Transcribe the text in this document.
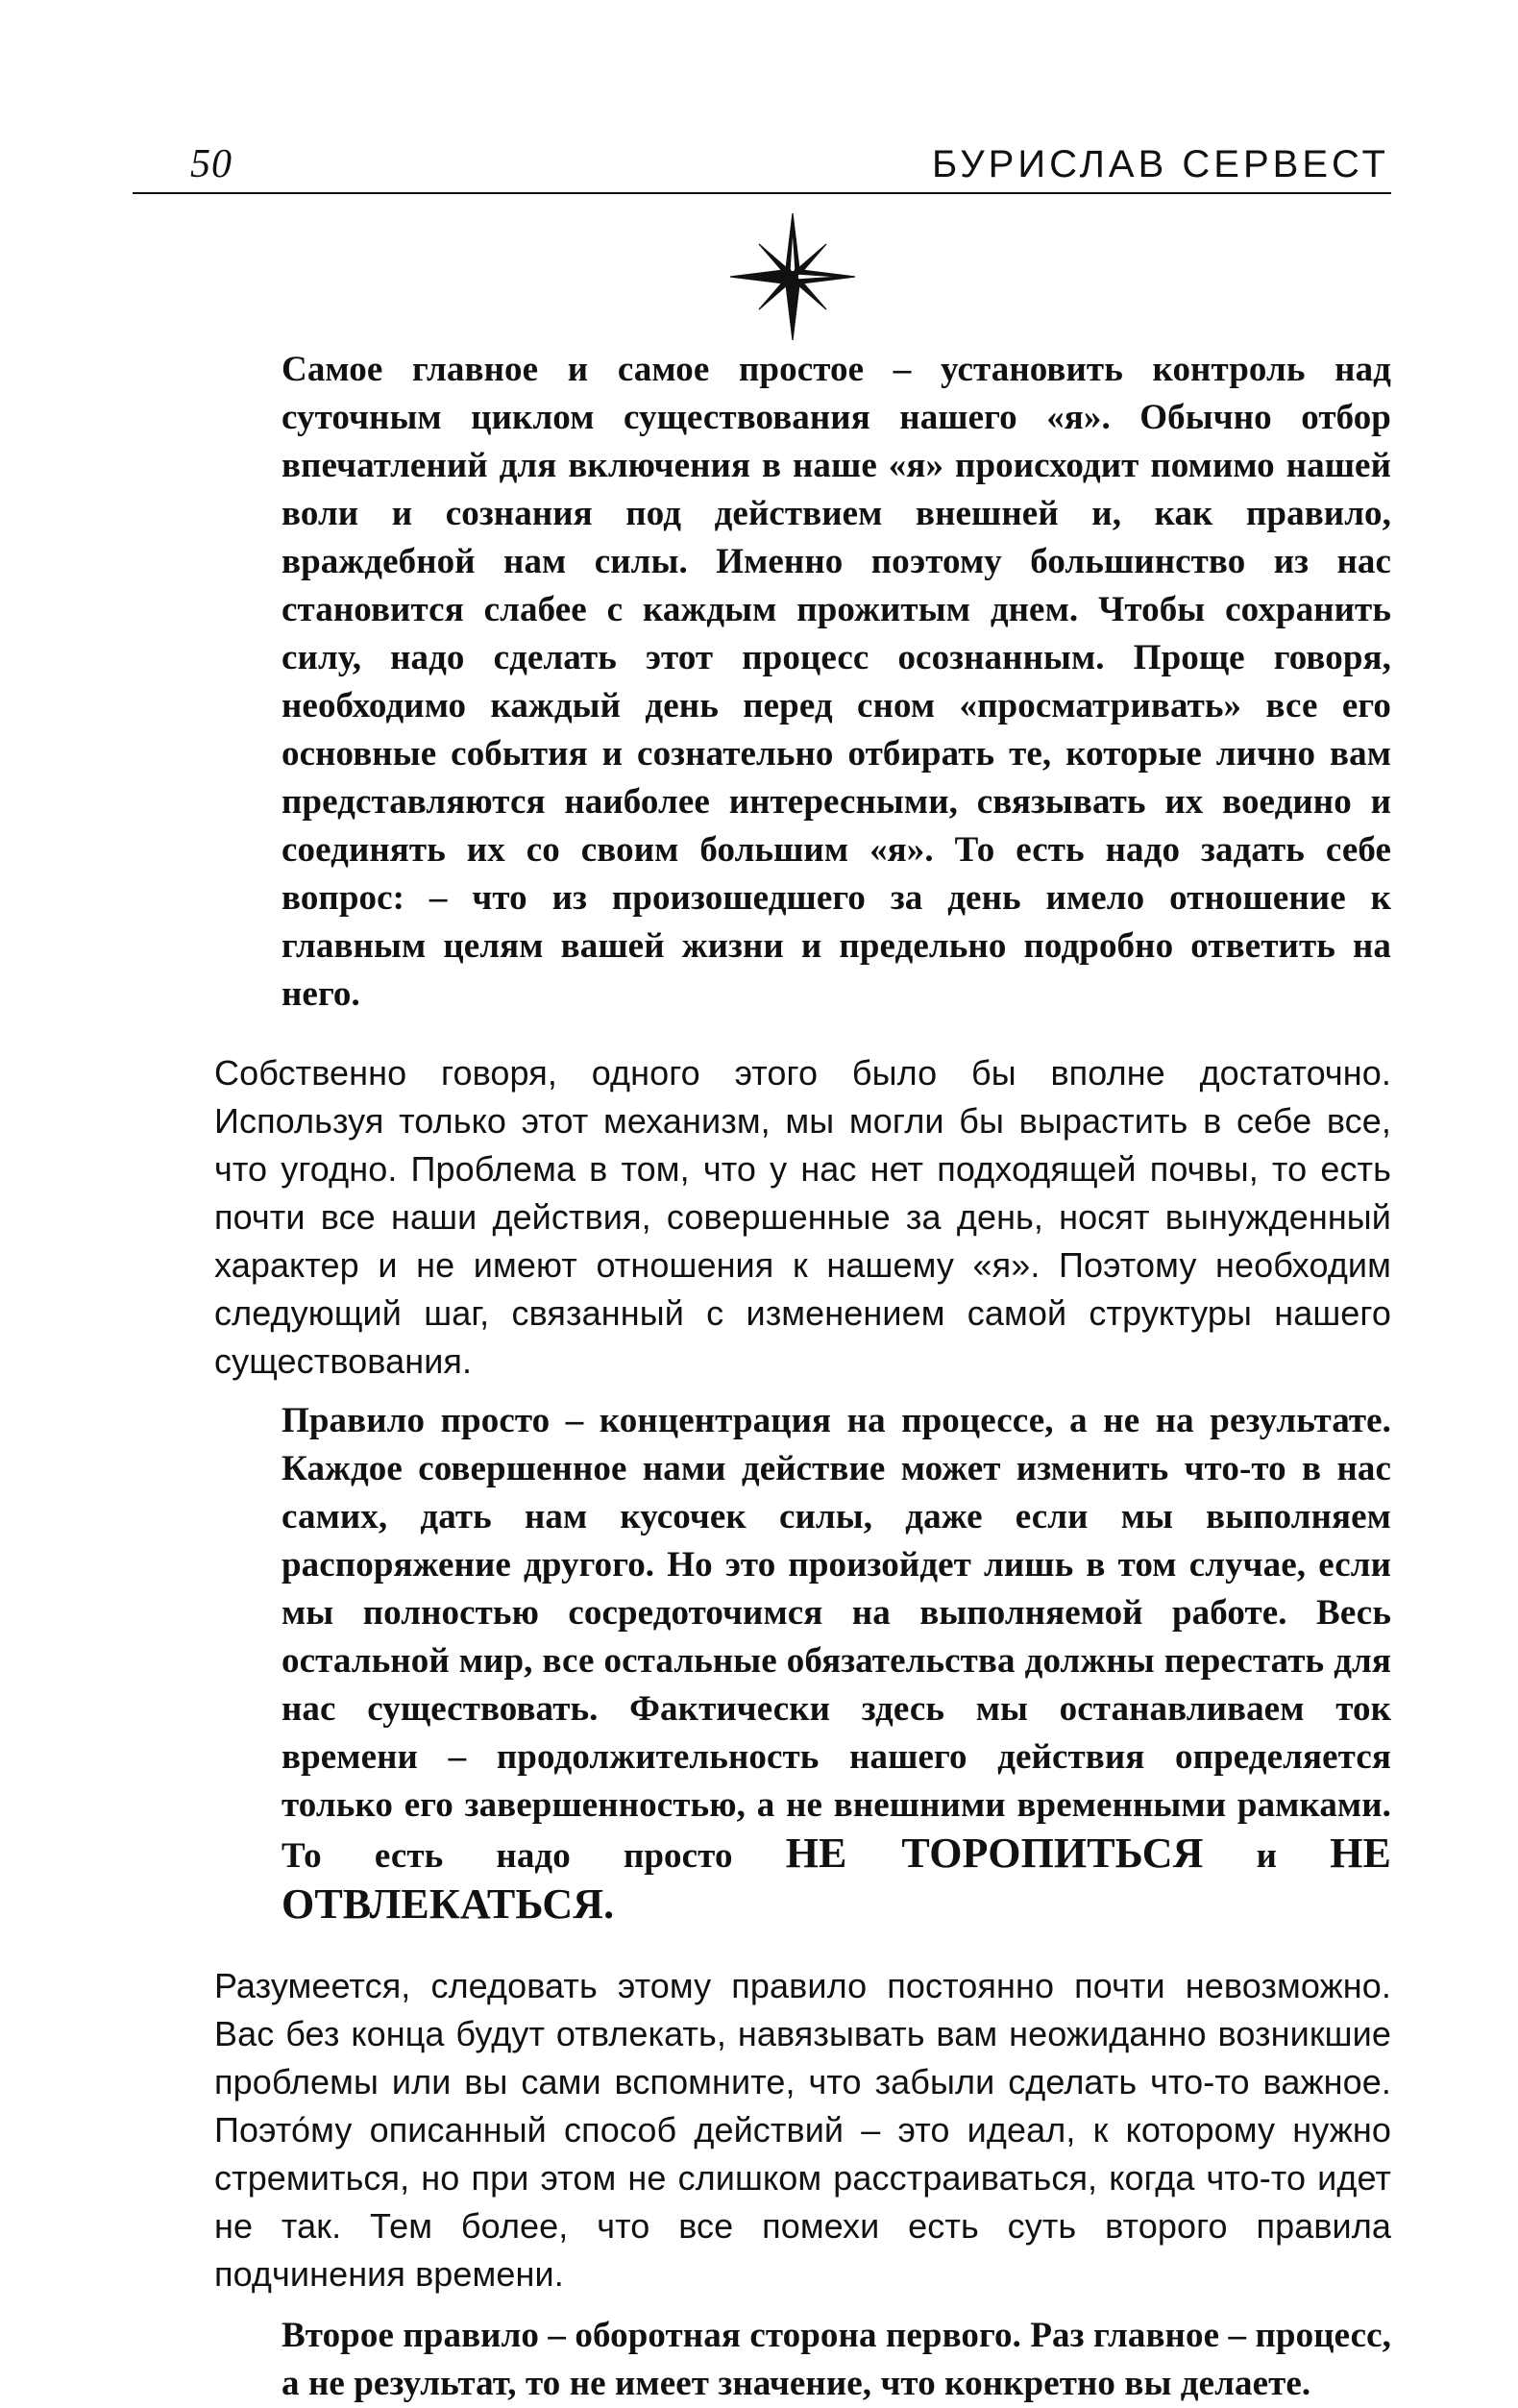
50	БУРИСЛАВ СЕРВЕСТ

Самое главное и самое простое – установить контроль над суточным циклом существования нашего «я». Обычно отбор впечатлений для включения в наше «я» происходит помимо нашей воли и сознания под действием внешней и, как правило, враждебной нам силы. Именно поэтому большинство из нас становится слабее с каждым прожитым днем. Чтобы сохранить силу, надо сделать этот процесс осознанным. Проще говоря, необходимо каждый день перед сном «просматривать» все его основные события и сознательно отбирать те, которые лично вам представляются наиболее интересными, связывать их воедино и соединять их со своим большим «я». То есть надо задать себе вопрос: – что из произошедшего за день имело отношение к главным целям вашей жизни и предельно подробно ответить на него.

Собственно говоря, одного этого было бы вполне достаточно. Используя только этот механизм, мы могли бы вырастить в себе все, что угодно. Проблема в том, что у нас нет подходящей почвы, то есть почти все наши действия, совершенные за день, носят вынужденный характер и не имеют отношения к нашему «я». Поэтому необходим следующий шаг, связанный с изменением самой структуры нашего существования.

Правило просто – концентрация на процессе, а не на результате. Каждое совершенное нами действие может изменить что-то в нас самих, дать нам кусочек силы, даже если мы выполняем распоряжение другого. Но это произойдет лишь в том случае, если мы полностью сосредоточимся на выполняемой работе. Весь остальной мир, все остальные обязательства должны перестать для нас существовать. Фактически здесь мы останавливаем ток времени – продолжительность нашего действия определяется только его завершенностью, а не внешними временными рамками. То есть надо просто НЕ ТОРОПИТЬСЯ и НЕ ОТВЛЕКАТЬСЯ.

Разумеется, следовать этому правило постоянно почти невозможно. Вас без конца будут отвлекать, навязывать вам неожиданно возникшие проблемы или вы сами вспомните, что забыли сделать что-то важное. Поэто́му описанный способ действий – это идеал, к которому нужно стремиться, но при этом не слишком расстраиваться, когда что-то идет не так. Тем более, что все помехи есть суть второго правила подчинения времени.

Второе правило – оборотная сторона первого. Раз главное – процесс, а не результат, то не имеет значение, что конкретно вы делаете.
